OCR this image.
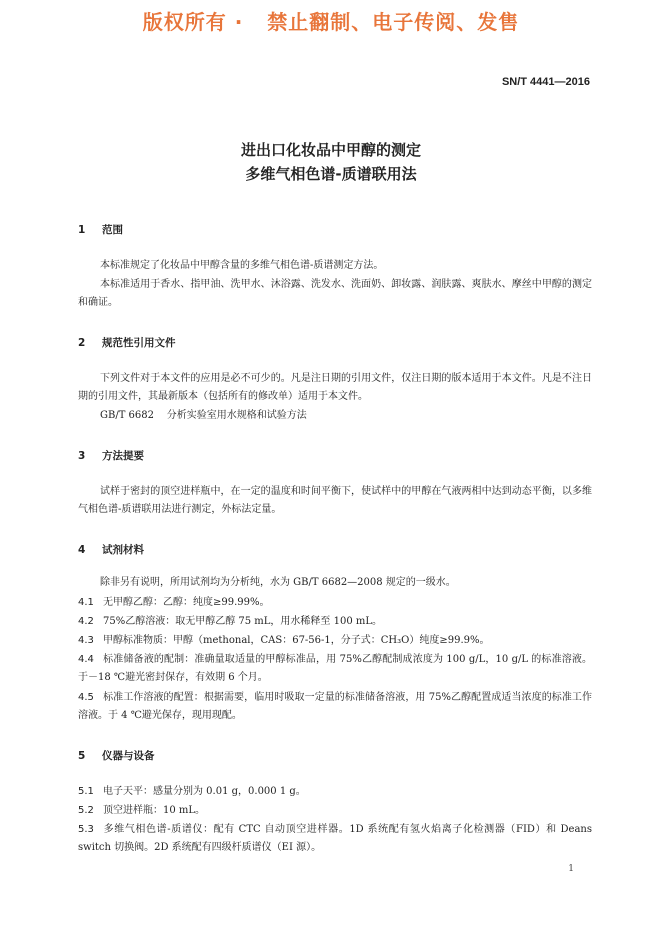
版权所有 ·   禁止翻制、电子传阅、发售
SN/T 4441—2016
进出口化妆品中甲醇的测定
多维气相色谱-质谱联用法
1 范围
本标准规定了化妆品中甲醇含量的多维气相色谱-质谱测定方法。
本标准适用于香水、指甲油、洗甲水、沐浴露、洗发水、洗面奶、卸妆露、润肤露、爽肤水、摩丝中甲醇的测定和确证。
2 规范性引用文件
下列文件对于本文件的应用是必不可少的。凡是注日期的引用文件，仅注日期的版本适用于本文件。凡是不注日期的引用文件，其最新版本（包括所有的修改单）适用于本文件。
GB/T 6682    分析实验室用水规格和试验方法
3 方法提要
试样于密封的顶空进样瓶中，在一定的温度和时间平衡下，使试样中的甲醇在气液两相中达到动态平衡，以多维气相色谱-质谱联用法进行测定，外标法定量。
4 试剂材料
除非另有说明，所用试剂均为分析纯，水为 GB/T 6682—2008 规定的一级水。
4.1 无甲醇乙醇：乙醇：纯度≥99.99%。
4.2 75%乙醇溶液：取无甲醇乙醇 75 mL，用水稀释至 100 mL。
4.3 甲醇标准物质：甲醇（methonal，CAS：67-56-1，分子式：CH₃O）纯度≥99.9%。
4.4 标准储备液的配制：准确量取适量的甲醇标准品，用 75%乙醇配制成浓度为 100 g/L，10 g/L 的标准溶液。于－18 ℃避光密封保存，有效期 6 个月。
4.5 标准工作溶液的配置：根据需要，临用时吸取一定量的标准储备溶液，用 75%乙醇配置成适当浓度的标准工作溶液。于 4 ℃避光保存，现用现配。
5 仪器与设备
5.1 电子天平：感量分别为 0.01 g，0.000 1 g。
5.2 顶空进样瓶：10 mL。
5.3 多维气相色谱-质谱仪：配有 CTC 自动顶空进样器。1D 系统配有氢火焰离子化检测器（FID）和 Deans switch 切换阀。2D 系统配有四级杆质谱仪（EI 源）。
1
